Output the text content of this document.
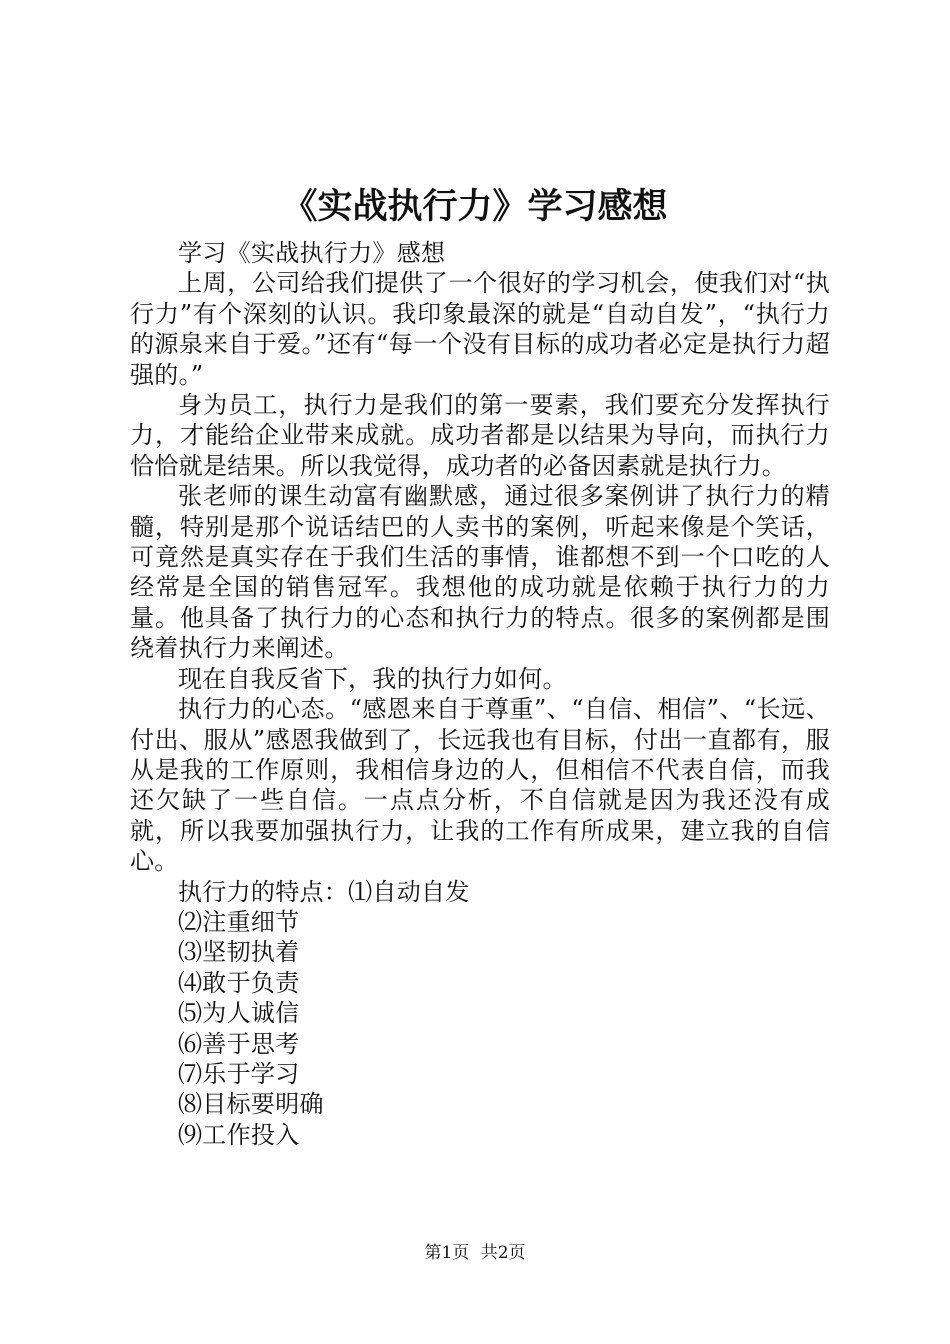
《实战执行力》学习感想

学习《实战执行力》感想

上周，公司给我们提供了一个很好的学习机会，使我们对“执行力”有个深刻的认识。我印象最深的就是“自动自发”，“执行力的源泉来自于爱。”还有“每一个没有目标的成功者必定是执行力超强的。”

身为员工，执行力是我们的第一要素，我们要充分发挥执行力，才能给企业带来成就。成功者都是以结果为导向，而执行力恰恰就是结果。所以我觉得，成功者的必备因素就是执行力。

张老师的课生动富有幽默感，通过很多案例讲了执行力的精髓，特别是那个说话结巴的人卖书的案例，听起来像是个笑话，可竟然是真实存在于我们生活的事情，谁都想不到一个口吃的人经常是全国的销售冠军。我想他的成功就是依赖于执行力的力量。他具备了执行力的心态和执行力的特点。很多的案例都是围绕着执行力来阐述。

现在自我反省下，我的执行力如何。

执行力的心态。“感恩来自于尊重”、“自信、相信”、“长远、付出、服从”感恩我做到了，长远我也有目标，付出一直都有，服从是我的工作原则，我相信身边的人，但相信不代表自信，而我还欠缺了一些自信。一点点分析，不自信就是因为我还没有成就，所以我要加强执行力，让我的工作有所成果，建立我的自信心。

执行力的特点：⑴自动自发

⑵注重细节

⑶坚韧执着

⑷敢于负责

⑸为人诚信

⑹善于思考

⑺乐于学习

⑻目标要明确

⑼工作投入

第1页 共2页
